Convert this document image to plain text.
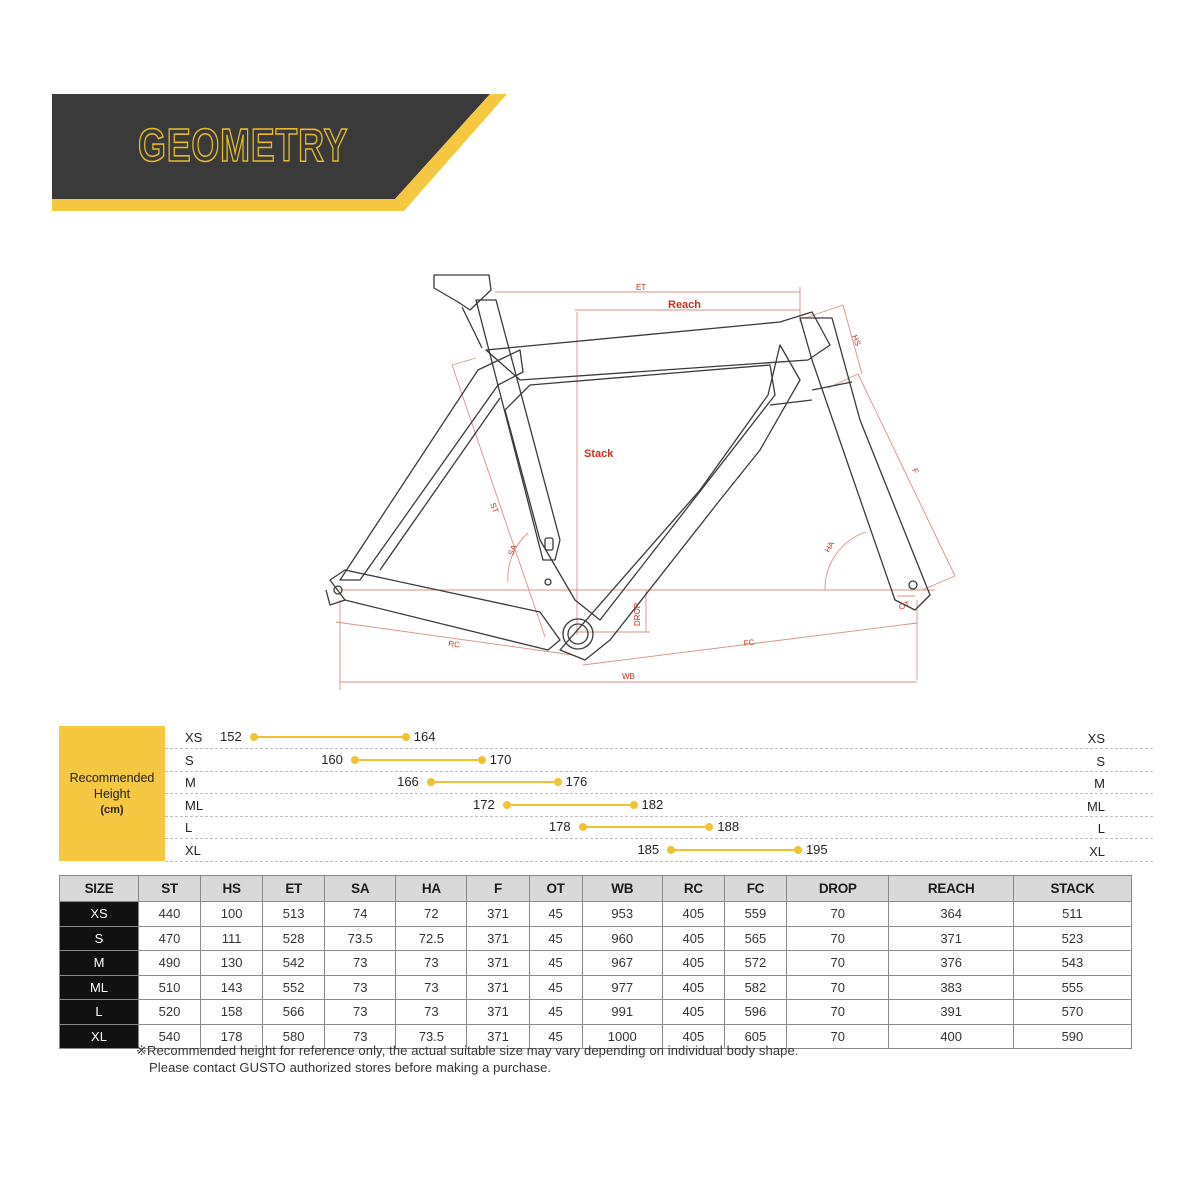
GEOMETRY
ET
Reach
HS
Stack
ST
SA
F
HA
OT
DROP
RC	FC
WB
Recommended
Height
(cm)
XS 152	164	XS
S	160	170	S
M	166	176	M
ML	172	182	ML
L	178	188	L
XL	185	195	XL
SIZE	ST	HS	ET	SA	HA	F	OT	WB	RC	FC	DROP	REACH	STACK
XS	440	100	513	74	72	371	45	953	405	559	70	364	511
S	470	111	528	73.5	72.5	371	45	960	405	565	70	371	523
M	490	130	542	73	73	371	45	967	405	572	70	376	543
ML	510	143	552	73	73	371	45	977	405	582	70	383	555
L	520	158	566	73	73	371	45	991	405	596	70	391	570
XL	540	178	580	73	73.5	371	45	1000	405	605	70	400	590
※Recommended height for reference only, the actual suitable size may vary depending on individual body shape.
Please contact GUSTO authorized stores before making a purchase.
